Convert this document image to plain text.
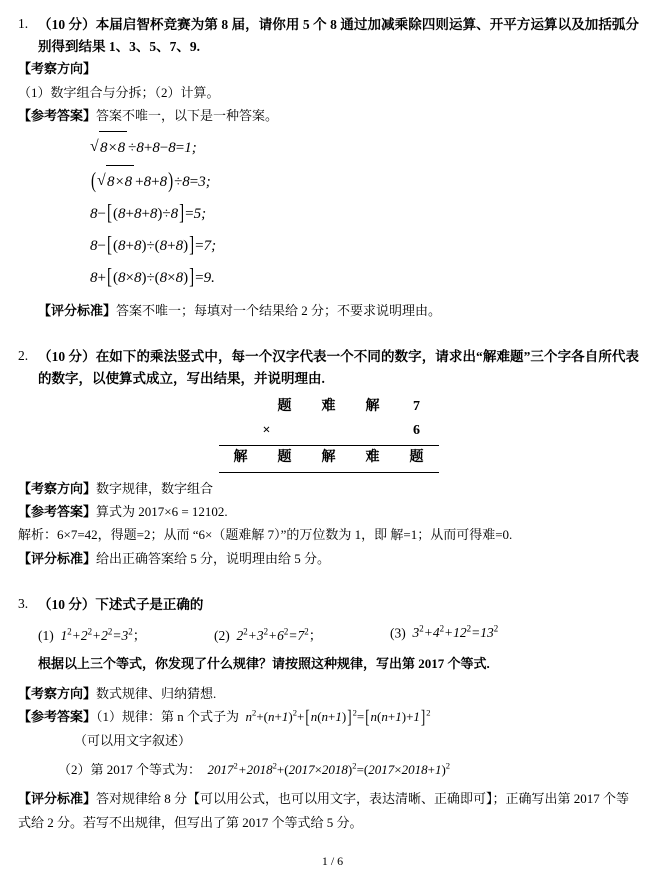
1. （10 分）本届启智杯竞赛为第 8 届，请你用 5 个 8 通过加减乘除四则运算、开平方运算以及加括弧分别得到结果 1、3、5、7、9.
【考察方向】
（1）数字组合与分拆；（2）计算。
【参考答案】答案不唯一，以下是一种答案。
√ 8×8 ÷8+8−8=1;
( √ 8×8 +8+8)÷8=3;
8−[(8+8+8)÷8]=5;
8−[(8+8)÷(8+8)]=7;
8+[(8×8)÷(8×8)]=9.
【评分标准】答案不唯一；每填对一个结果给 2 分；不要求说明理由。
2. （10 分）在如下的乘法竖式中，每一个汉字代表一个不同的数字，请求出“解难题”三个字各自所代表的数字，以使算式成立，写出结果，并说明理由.
题	难	解	7
×	6
解	题	解	难	题
【考察方向】数字规律，数字组合
【参考答案】算式为 2017×6 = 12102.
解析：6×7=42，得题=2；从而 “6×（题难解 7）”的万位数为 1，即 解=1；从而可得难=0.
【评分标准】给出正确答案给 5 分，说明理由给 5 分。
3. （10 分）下述式子是正确的
(1)  $1^2+2^2+2^2=3^2$；	(2)  $2^2+3^2+6^2=7^2$；	(3)  $3^2+4^2+12^2=13^2$
根据以上三个等式，你发现了什么规律？请按照这种规律，写出第 2017 个等式.
【考察方向】数式规律、归纳猜想.
【参考答案】（1）规律：第 n 个式子为  $n^2+(n+1)^2+[n(n+1)]^2=[n(n+1)+1]^2$
（可以用文字叙述）
（2）第 2017 个等式为：  $2017^2+2018^2+(2017\times 2018)^2=(2017\times 2018+1)^2$
【评分标准】答对规律给 8 分【可以用公式，也可以用文字，表达清晰、正确即可】；正确写出第 2017 个等式给 2 分。若写不出规律，但写出了第 2017 个等式给 5 分。
1 / 6
